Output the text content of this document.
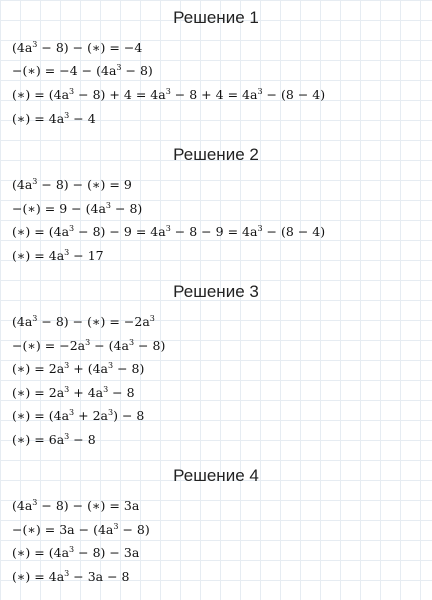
Решение 1
$(4a^3 - 8)$ − (∗) = −4
−(∗) = $-4 - (4a^3 - 8)$
(∗) = $(4a^3 - 8) + 4 = 4a^3 - 8 + 4 = 4a^3 - (8 - 4)$
(∗) = $4a^3 - 4$
Решение 2
$(4a^3 - 8)$ − (∗) = 9
−(∗) = $9 - (4a^3 - 8)$
(∗) = $(4a^3 - 8) - 9 = 4a^3 - 8 - 9 = 4a^3 - (8 - 4)$
(∗) = $4a^3 - 17$
Решение 3
$(4a^3 - 8)$ − (∗) = $-2a^3$
−(∗) = $-2a^3 - (4a^3 - 8)$
(∗) = $2a^3 + (4a^3 - 8)$
(∗) = $2a^3 + 4a^3 - 8$
(∗) = $(4a^3 + 2a^3) - 8$
(∗) = $6a^3 - 8$
Решение 4
$(4a^3 - 8)$ − (∗) = 3a
−(∗) = $3a - (4a^3 - 8)$
(∗) = $(4a^3 - 8) - 3a$
(∗) = $4a^3 - 3a - 8$
